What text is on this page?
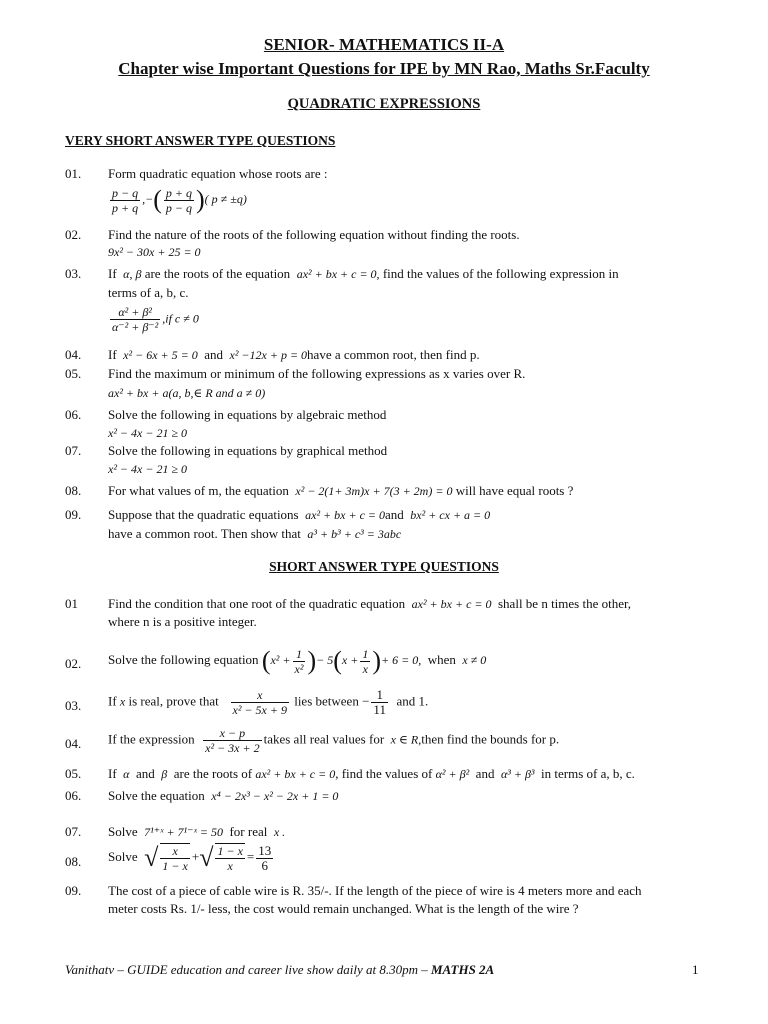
SENIOR- MATHEMATICS II-A
Chapter wise Important Questions for IPE by MN Rao, Maths Sr.Faculty
QUADRATIC EXPRESSIONS
VERY SHORT ANSWER TYPE QUESTIONS
01. Form quadratic equation whose roots are :
$\frac{p - q}{p + q}$ ,−( $\frac{p + q}{p - q}$ )( p ≠ ±q)
02. Find the nature of the roots of the following equation without finding the roots.
9x² − 30x + 25 = 0
03. If α, β are the roots of the equation ax² + bx + c = 0, find the values of the following expression in
terms of a, b, c.
$\frac{\text{α² + β²}}{\text{α⁻² + β⁻²}} ,if$ c ≠ 0
04. If x² − 6x + 5 = 0 and x² −12x + p = 0have a common root, then find p.
05. Find the maximum or minimum of the following expressions as x varies over R.
ax² + bx + a(a, b,∈ R and a ≠ 0)
06. Solve the following in equations by algebraic method
x² − 4x − 21 ≥ 0
07. Solve the following in equations by graphical method
x² − 4x − 21 ≥ 0
08. For what values of m, the equation x² − 2(1+ 3m)x + 7(3 + 2m) = 0 will have equal roots ?
09. Suppose that the quadratic equations ax² + bx + c = 0and bx² + cx + a = 0
have a common root. Then show that a³ + b³ + c³ = 3abc
SHORT ANSWER TYPE QUESTIONS
01 Find the condition that one root of the quadratic equation ax² + bx + c = 0 shall be n times the other,
where n is a positive integer.
02. Solve the following equation ($x^2 + \frac{1}{\text{x²}}$ )− $5(x + \frac{1}{x}$ )+ 6 = 0, when x ≠ 0
03. If x is real, prove that $\frac{x}{\text{x² − 5x + 9}}$ lies between − $\frac{1}{11}$ and 1.
04. If the expression $\frac{x - p}{\text{x² − 3x + 2}}$ takes all real values for x ∈ R,then find the bounds for p.
05. If α and β are the roots of ax² + bx + c = 0, find the values of α² + β² and α³ + β³ in terms of a, b, c.
06. Solve the equation x⁴ − 2x³ − x² − 2x + 1 = 0
07. Solve 7¹⁺ˣ + 7¹⁻ˣ = 50 for real x .
08. Solve √ $\frac{x}{1 - x}$ +√ $\frac{1 - x}{x} = \frac{13}{6}$
09. The cost of a piece of cable wire is R. 35/-. If the length of the piece of wire is 4 meters more and each
meter costs Rs. 1/- less, the cost would remain unchanged. What is the length of the wire ?
Vanithatv – GUIDE education and career live show daily at 8.30pm – MATHS 2A	1
